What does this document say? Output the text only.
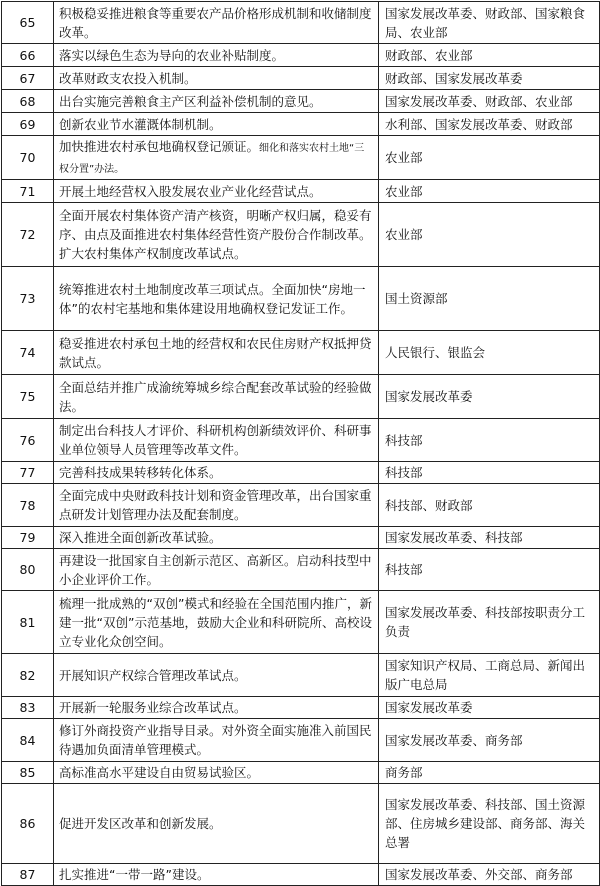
65	积极稳妥推进粮食等重要农产品价格形成机制和收储制度改革。	国家发展改革委、财政部、国家粮食局、农业部
66	落实以绿色生态为导向的农业补贴制度。	财政部、农业部
67	改革财政支农投入机制。	财政部、国家发展改革委
68	出台实施完善粮食主产区利益补偿机制的意见。	国家发展改革委、财政部、农业部
69	创新农业节水灌溉体制机制。	水利部、国家发展改革委、财政部
70	加快推进农村承包地确权登记颁证。细化和落实农村土地“三权分置”办法。	农业部
71	开展土地经营权入股发展农业产业化经营试点。	农业部
72	全面开展农村集体资产清产核资，明晰产权归属，稳妥有序、由点及面推进农村集体经营性资产股份合作制改革。扩大农村集体产权制度改革试点。	农业部
73	统筹推进农村土地制度改革三项试点。全面加快“房地一体”的农村宅基地和集体建设用地确权登记发证工作。	国土资源部
74	稳妥推进农村承包土地的经营权和农民住房财产权抵押贷款试点。	人民银行、银监会
75	全面总结并推广成渝统筹城乡综合配套改革试验的经验做法。	国家发展改革委
76	制定出台科技人才评价、科研机构创新绩效评价、科研事业单位领导人员管理等改革文件。	科技部
77	完善科技成果转移转化体系。	科技部
78	全面完成中央财政科技计划和资金管理改革，出台国家重点研发计划管理办法及配套制度。	科技部、财政部
79	深入推进全面创新改革试验。	国家发展改革委、科技部
80	再建设一批国家自主创新示范区、高新区。启动科技型中小企业评价工作。	科技部
81	梳理一批成熟的“双创”模式和经验在全国范围内推广，新建一批“双创”示范基地，鼓励大企业和科研院所、高校设立专业化众创空间。	国家发展改革委、科技部按职责分工负责
82	开展知识产权综合管理改革试点。	国家知识产权局、工商总局、新闻出版广电总局
83	开展新一轮服务业综合改革试点。	国家发展改革委
84	修订外商投资产业指导目录。对外资全面实施准入前国民待遇加负面清单管理模式。	国家发展改革委、商务部
85	高标准高水平建设自由贸易试验区。	商务部
86	促进开发区改革和创新发展。	国家发展改革委、科技部、国土资源部、住房城乡建设部、商务部、海关总署
87	扎实推进“一带一路”建设。	国家发展改革委、外交部、商务部
